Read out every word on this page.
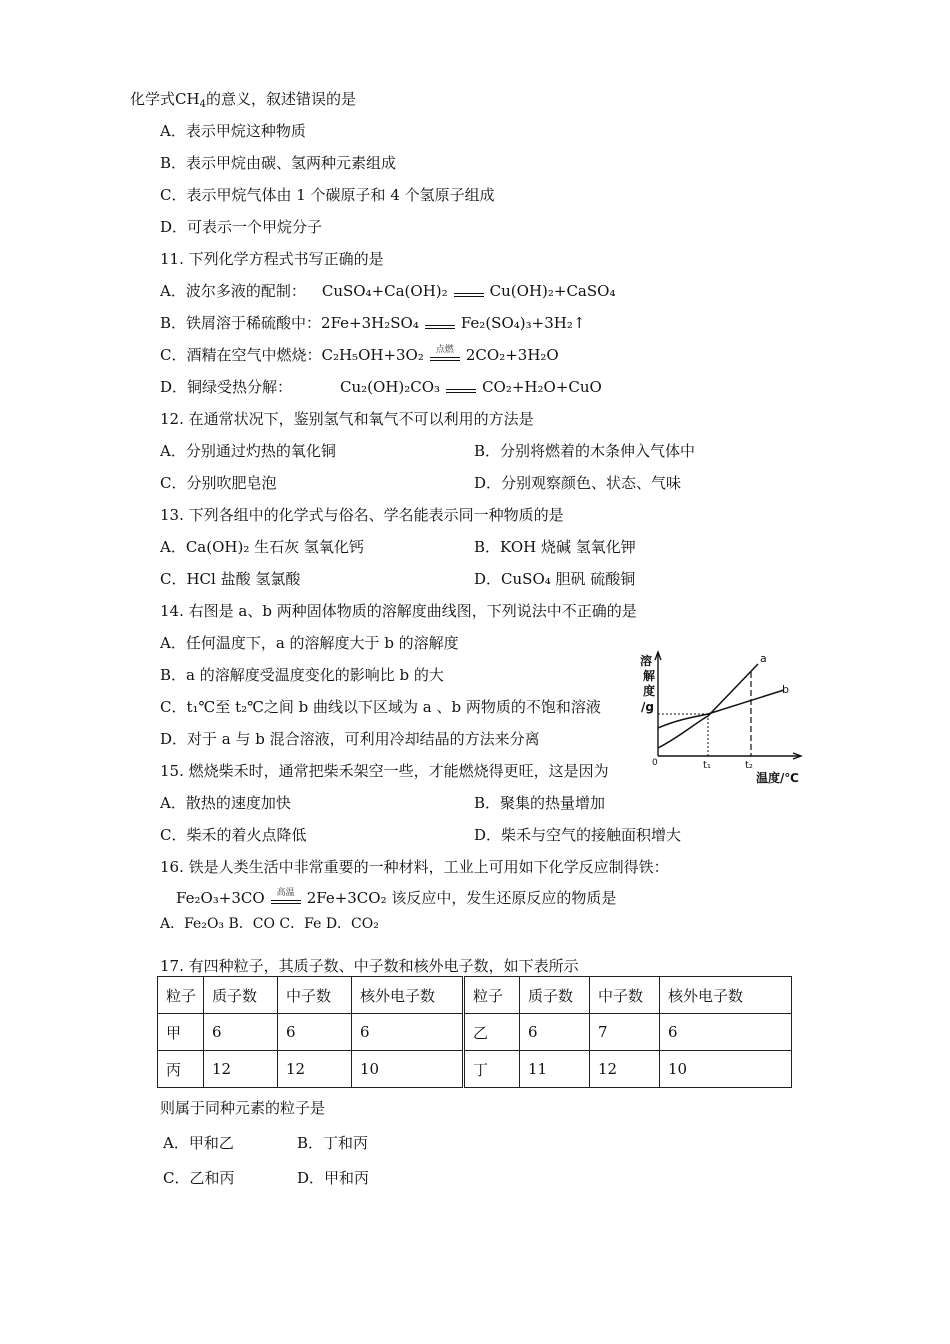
化学式$CH_4$的意义，叙述错误的是
A．表示甲烷这种物质
B．表示甲烷由碳、氢两种元素组成
C．表示甲烷气体由 1 个碳原子和 4 个氢原子组成
D．可表示一个甲烷分子
11. 下列化学方程式书写正确的是
A．波尔多液的配制： CuSO₄+Ca(OH)₂	Cu(OH)₂+CaSO₄
B．铁屑溶于稀硫酸中：2Fe+3H₂SO₄	Fe₂(SO₄)₃+3H₂↑
C．酒精在空气中燃烧：C₂H₅OH+3O₂	点燃 2CO₂+3H₂O
D．铜绿受热分解：	Cu₂(OH)₂CO₃	CO₂+H₂O+CuO
12. 在通常状况下，鉴别氢气和氧气不可以利用的方法是
A．分别通过灼热的氧化铜	B．分别将燃着的木条伸入气体中
C．分别吹肥皂泡	D．分别观察颜色、状态、气味
13. 下列各组中的化学式与俗名、学名能表示同一种物质的是
A．Ca(OH)₂ 生石灰 氢氧化钙	B．KOH 烧碱 氢氧化钾
C．HCl 盐酸 氢氯酸	D．CuSO₄ 胆矾 硫酸铜
14. 右图是 a、b 两种固体物质的溶解度曲线图，下列说法中不正确的是
A．任何温度下，a 的溶解度大于 b 的溶解度
B．a 的溶解度受温度变化的影响比 b 的大
C．t₁℃至 t₂℃之间 b 曲线以下区域为 a 、b 两物质的不饱和溶液
D．对于 a 与 b 混合溶液，可利用冷却结晶的方法来分离
溶
解
度
/g
a
b
0	t₁	t₂
温度/℃
15. 燃烧柴禾时，通常把柴禾架空一些，才能燃烧得更旺，这是因为
A．散热的速度加快	B．聚集的热量增加
C．柴禾的着火点降低	D．柴禾与空气的接触面积增大
16. 铁是人类生活中非常重要的一种材料，工业上可用如下化学反应制得铁：
Fe₂O₃+3CO	高温 2Fe+3CO₂ 该反应中，发生还原反应的物质是
A．Fe₂O₃ B．CO C．Fe D．CO₂
17. 有四种粒子，其质子数、中子数和核外电子数，如下表所示
粒子	质子数	中子数	核外电子数	粒子	质子数	中子数	核外电子数
甲	6	6	6	乙	6	7	6
丙	12	12	10	丁	11	12	10
则属于同种元素的粒子是
A．甲和乙	B．丁和丙
C．乙和丙	D．甲和丙
